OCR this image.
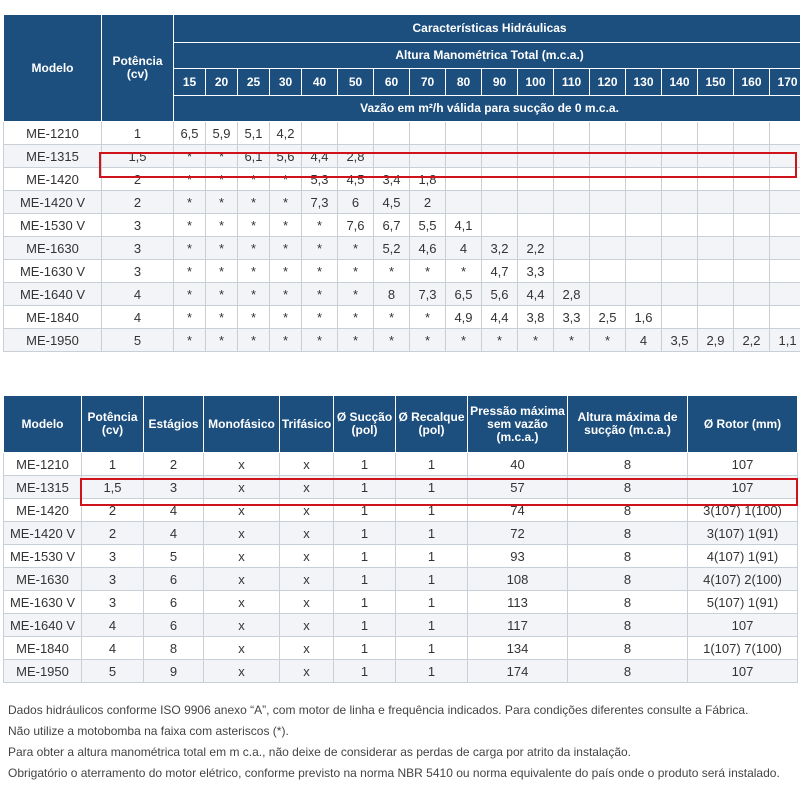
Modelo	Potência (cv)	Características Hidráulicas																	
		Altura Manométrica Total (m.c.a.)																	
		15	20	25	30	40	50	60	70	80	90	100	110	120	130	140	150	160	170
		Vazão em m²/h válida para sucção de 0 m.c.a.																	
ME-1210	1	6,5	5,9	5,1	4,2														
ME-1315	1,5	*	*	6,1	5,6	4,4	2,8												
ME-1420	2	*	*	*	*	5,3	4,5	3,4	1,8										
ME-1420 V	2	*	*	*	*	7,3	6	4,5	2										
ME-1530 V	3	*	*	*	*	*	7,6	6,7	5,5	4,1									
ME-1630	3	*	*	*	*	*	*	5,2	4,6	4	3,2	2,2							
ME-1630 V	3	*	*	*	*	*	*	*	*	*	4,7	3,3							
ME-1640 V	4	*	*	*	*	*	*	8	7,3	6,5	5,6	4,4	2,8						
ME-1840	4	*	*	*	*	*	*	*	*	4,9	4,4	3,8	3,3	2,5	1,6				
ME-1950	5	*	*	*	*	*	*	*	*	*	*	*	*	*	4	3,5	2,9	2,2	1,1
Modelo	Potência (cv)	Estágios	Monofásico	Trifásico	Ø Sucção (pol)	Ø Recalque (pol)	Pressão máxima sem vazão (m.c.a.)	Altura máxima de sucção (m.c.a.)	Ø Rotor (mm)
ME-1210	1	2	x	x	1	1	40	8	107
ME-1315	1,5	3	x	x	1	1	57	8	107
ME-1420	2	4	x	x	1	1	74	8	3(107) 1(100)
ME-1420 V	2	4	x	x	1	1	72	8	3(107) 1(91)
ME-1530 V	3	5	x	x	1	1	93	8	4(107) 1(91)
ME-1630	3	6	x	x	1	1	108	8	4(107) 2(100)
ME-1630 V	3	6	x	x	1	1	113	8	5(107) 1(91)
ME-1640 V	4	6	x	x	1	1	117	8	107
ME-1840	4	8	x	x	1	1	134	8	1(107) 7(100)
ME-1950	5	9	x	x	1	1	174	8	107

Dados hidráulicos conforme ISO 9906 anexo “A”, com motor de linha e frequência indicados. Para condições diferentes consulte a Fábrica.

Não utilize a motobomba na faixa com asteriscos (*).

Para obter a altura manométrica total em m c.a., não deixe de considerar as perdas de carga por atrito da instalação.

Obrigatório o aterramento do motor elétrico, conforme previsto na norma NBR 5410 ou norma equivalente do país onde o produto será instalado.
